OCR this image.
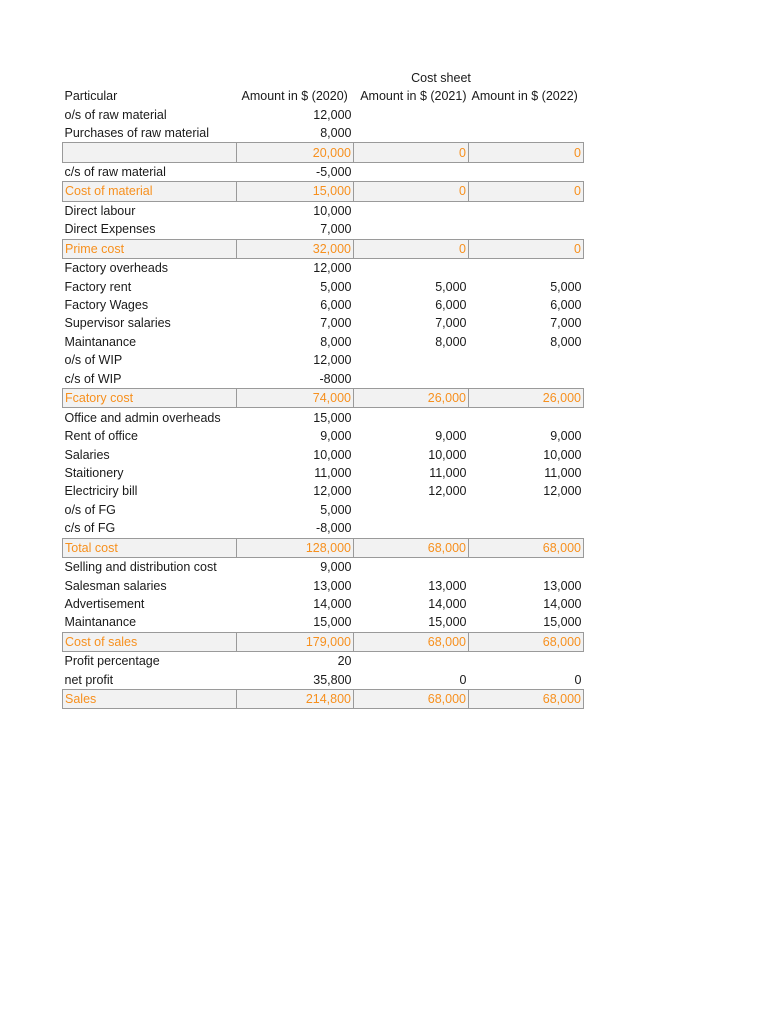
Cost sheet
Particular	Amount in $ (2020)	Amount in $ (2021)	Amount in $ (2022)
o/s of raw material	12,000		
Purchases of raw material	8,000		
	20,000	0	0
c/s of raw material	-5,000		
Cost of material	15,000	0	0
Direct labour	10,000		
Direct Expenses	7,000		
Prime cost	32,000	0	0
Factory overheads	12,000		
Factory rent	5,000	5,000	5,000
Factory Wages	6,000	6,000	6,000
Supervisor salaries	7,000	7,000	7,000
Maintanance	8,000	8,000	8,000
o/s of WIP	12,000		
c/s of WIP	-8000		
Fcatory cost	74,000	26,000	26,000
Office and admin overheads	15,000		
Rent of office	9,000	9,000	9,000
Salaries	10,000	10,000	10,000
Staitionery	11,000	11,000	11,000
Electriciry bill	12,000	12,000	12,000
o/s of FG	5,000		
c/s of FG	-8,000		
Total cost	128,000	68,000	68,000
Selling and distribution cost	9,000		
Salesman salaries	13,000	13,000	13,000
Advertisement	14,000	14,000	14,000
Maintanance	15,000	15,000	15,000
Cost of sales	179,000	68,000	68,000
Profit percentage	20		
net profit	35,800	0	0
Sales	214,800	68,000	68,000
